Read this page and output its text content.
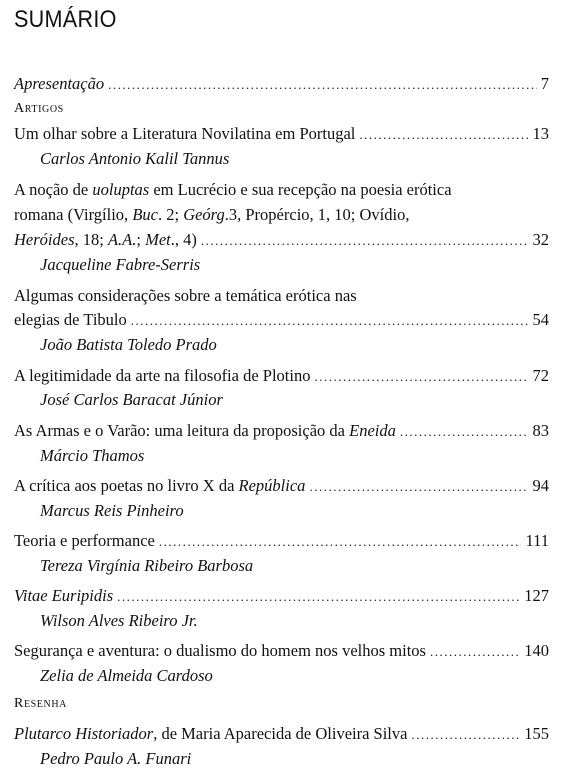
SUMÁRIO
Apresentação .....	7
Artigos
Um olhar sobre a Literatura Novilatina em Portugal .....	13
Carlos Antonio Kalil Tannus
A noção de uoluptas em Lucrécio e sua recepção na poesia erótica
romana (Virgílio, Buc. 2; Geórg.3, Propércio, 1, 10; Ovídio,
Heróides, 18; A.A.; Met., 4) .....	32
Jacqueline Fabre-Serris
Algumas considerações sobre a temática erótica nas
elegias de Tibulo .....	54
João Batista Toledo Prado
A legitimidade da arte na filosofia de Plotino .....	72
José Carlos Baracat Júnior
As Armas e o Varão: uma leitura da proposição da Eneida .....	83
Márcio Thamos
A crítica aos poetas no livro X da República .....	94
Marcus Reis Pinheiro
Teoria e performance .....	111
Tereza Virgínia Ribeiro Barbosa
Vitae Euripidis .....	127
Wilson Alves Ribeiro Jr.
Segurança e aventura: o dualismo do homem nos velhos mitos .....	140
Zelia de Almeida Cardoso
Resenha
Plutarco Historiador, de Maria Aparecida de Oliveira Silva .....	155
Pedro Paulo A. Funari
